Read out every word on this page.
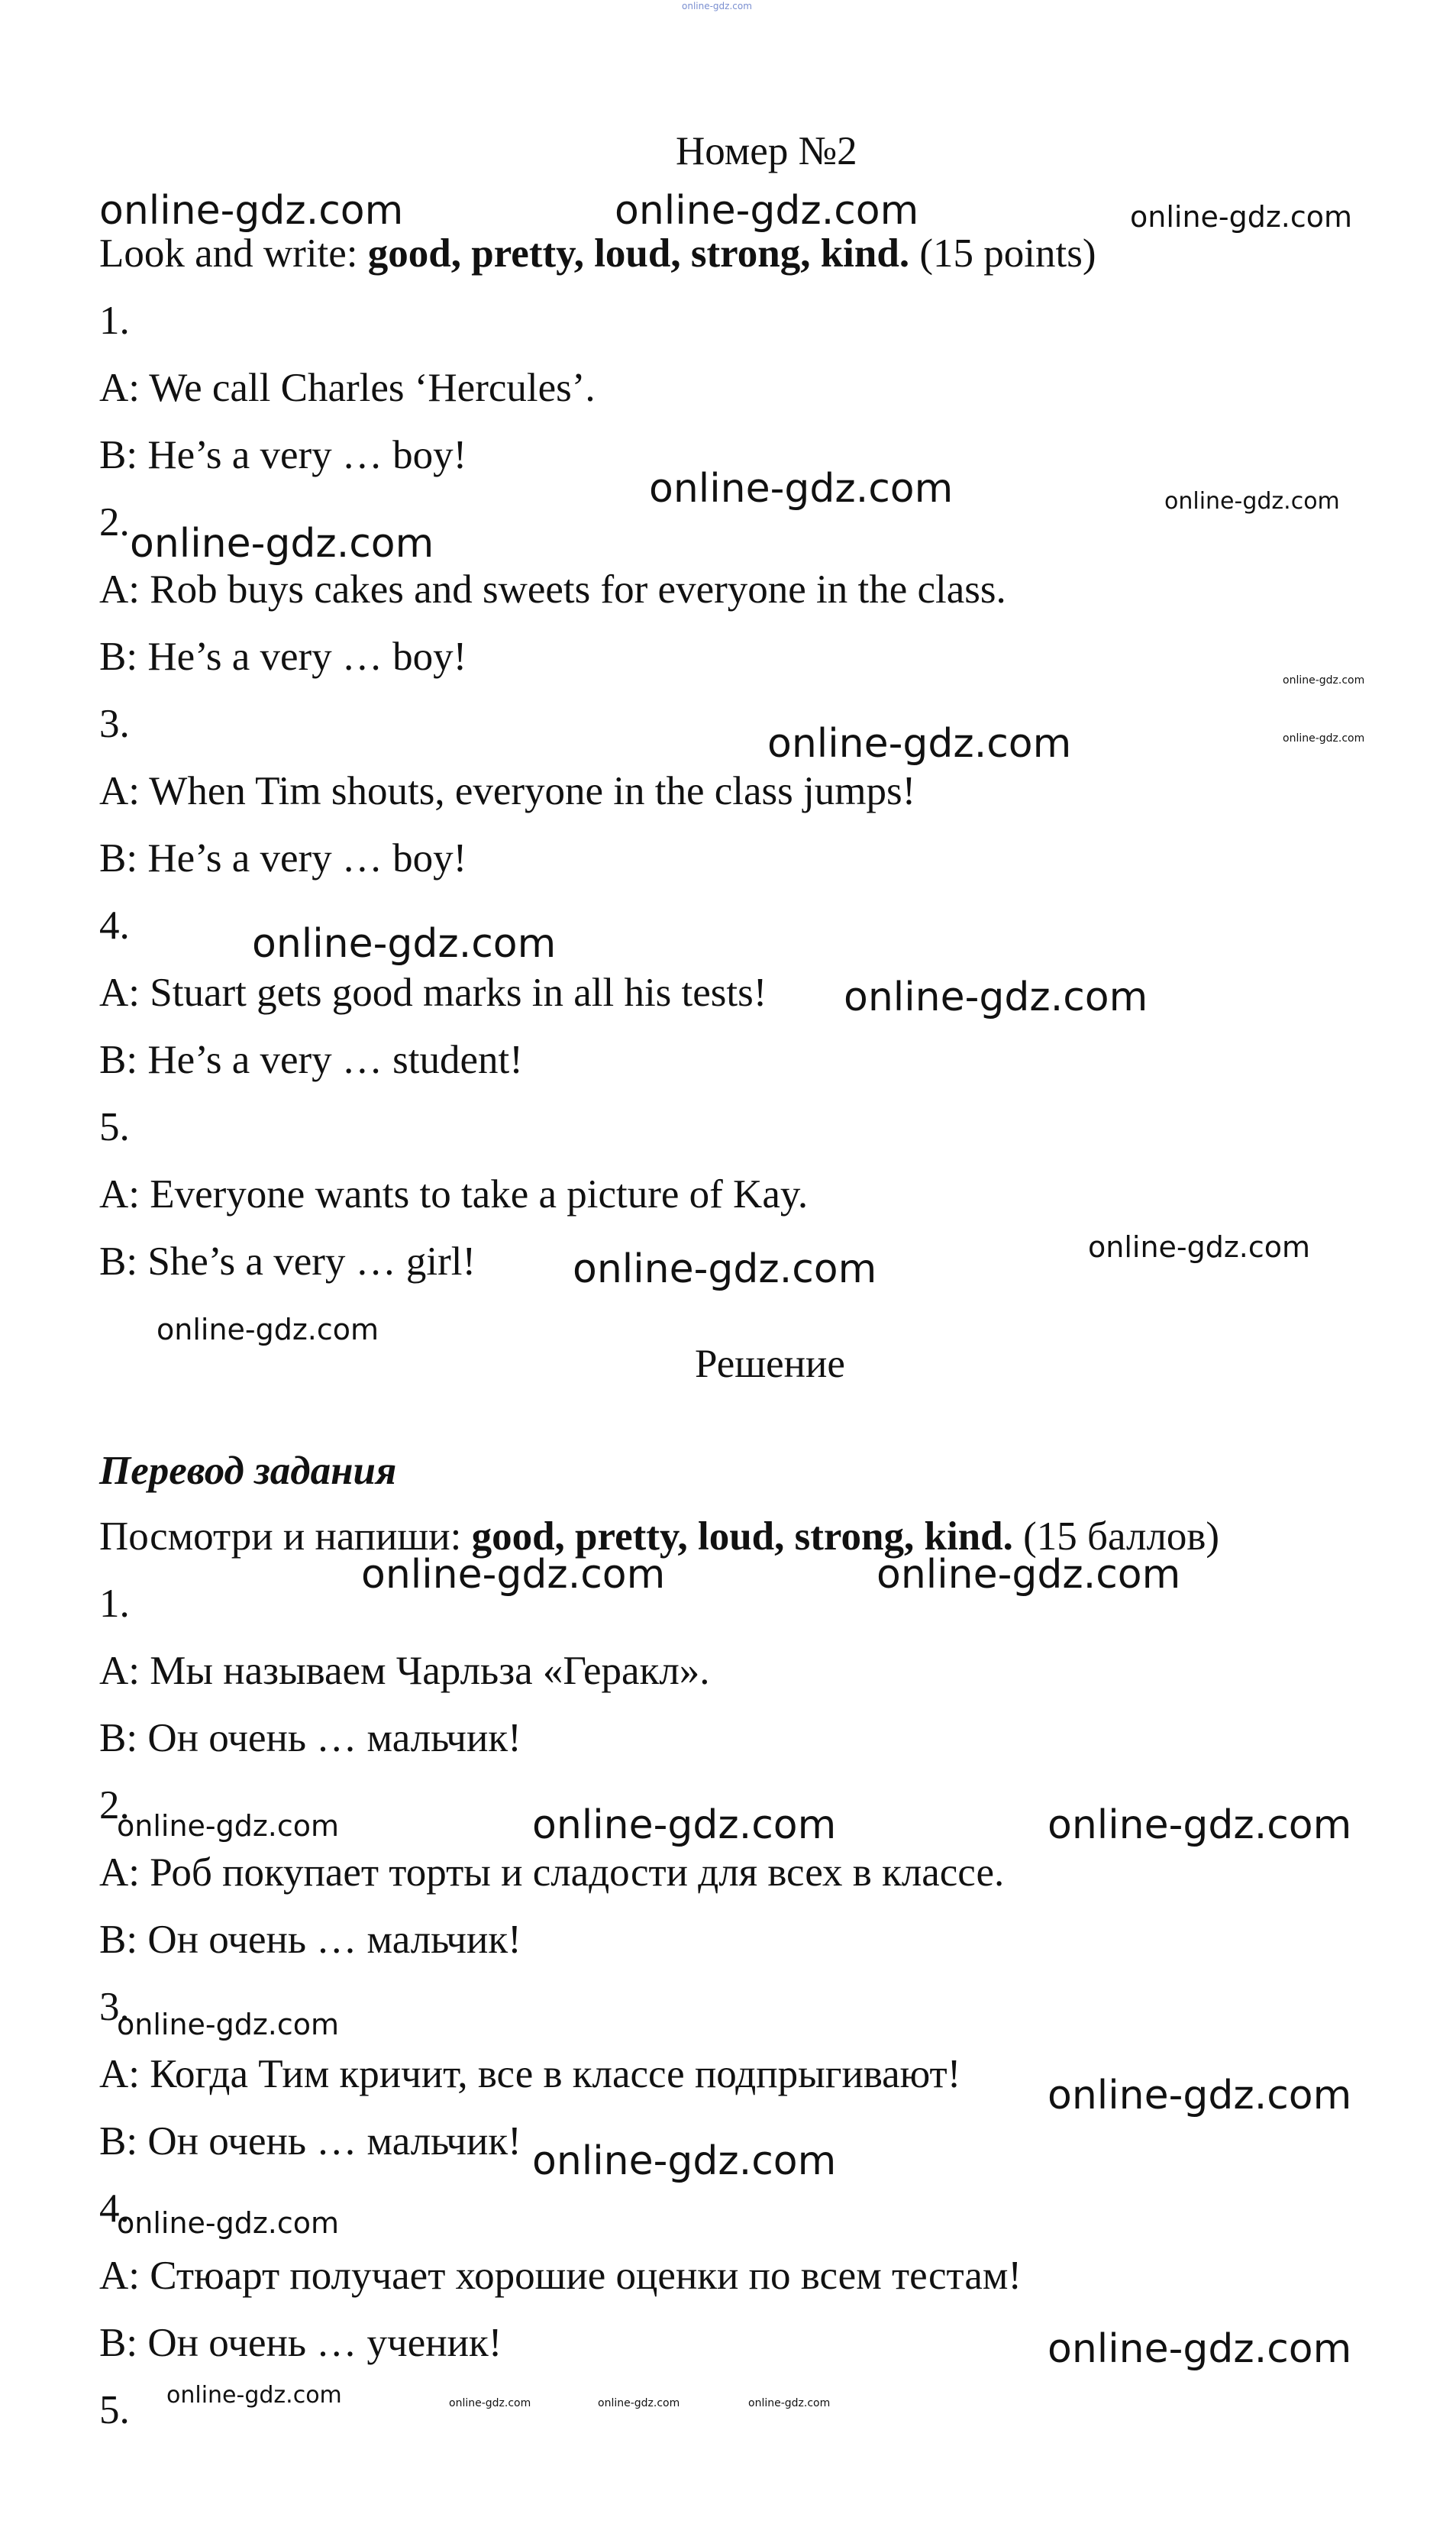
online-gdz.com
Номер №2
Look and write: good, pretty, loud, strong, kind. (15 points)
1.
A: We call Charles ‘Hercules’.
B: He’s a very … boy!
2.
A: Rob buys cakes and sweets for everyone in the class.
B: He’s a very … boy!
3.
A: When Tim shouts, everyone in the class jumps!
B: He’s a very … boy!
4.
A: Stuart gets good marks in all his tests!
B: He’s a very … student!
5.
A: Everyone wants to take a picture of Kay.
B: She’s a very … girl!
Решение
Перевод задания
Посмотри и напиши: good, pretty, loud, strong, kind. (15 баллов)
1.
A: Мы называем Чарльза «Геракл».
B: Он очень … мальчик!
2.
A: Роб покупает торты и сладости для всех в классе.
B: Он очень … мальчик!
3.
A: Когда Тим кричит, все в классе подпрыгивают!
B: Он очень … мальчик!
4.
A: Стюарт получает хорошие оценки по всем тестам!
B: Он очень … ученик!
5.
online-gdz.com	online-gdz.com	online-gdz.com
online-gdz.com	online-gdz.com
online-gdz.com
online-gdz.com
online-gdz.com
online-gdz.com
online-gdz.com
online-gdz.com
online-gdz.com
online-gdz.com
online-gdz.com
online-gdz.com	online-gdz.com
online-gdz.com	online-gdz.com	online-gdz.com
online-gdz.com
online-gdz.com
online-gdz.com
online-gdz.com
online-gdz.com
online-gdz.com	online-gdz.com	online-gdz.com	online-gdz.com
